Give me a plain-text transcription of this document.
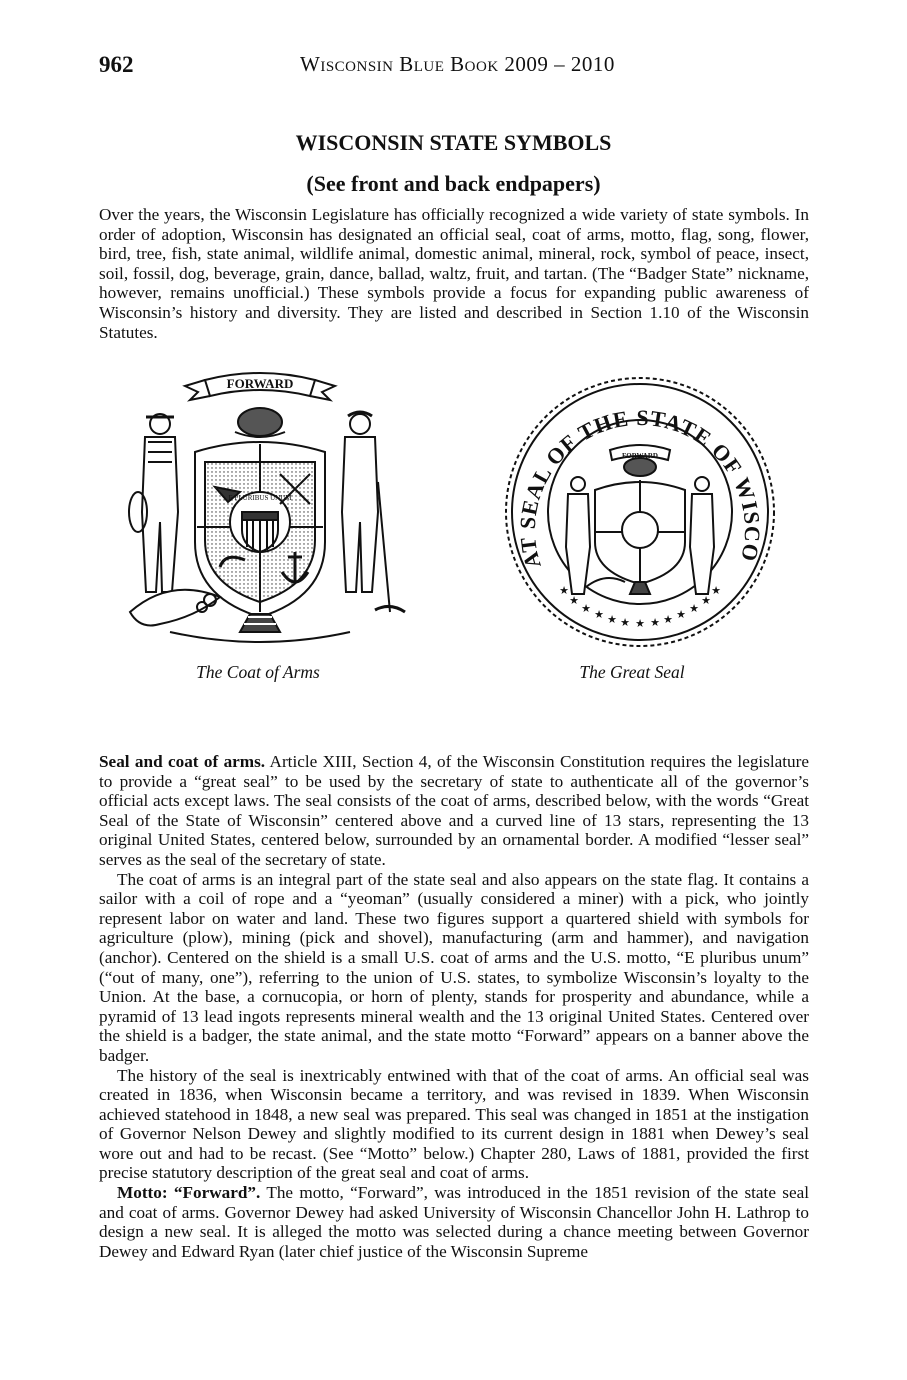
962	Wisconsin Blue Book 2009 – 2010
WISCONSIN STATE SYMBOLS
(See front and back endpapers)

Over the years, the Wisconsin Legislature has officially recognized a wide variety of state symbols. In order of adoption, Wisconsin has designated an official seal, coat of arms, motto, flag, song, flower, bird, tree, fish, state animal, wildlife animal, domestic animal, mineral, rock, symbol of peace, insect, soil, fossil, dog, beverage, grain, dance, ballad, waltz, fruit, and tartan. (The “Badger State” nickname, however, remains unofficial.) These symbols provide a focus for expanding public awareness of Wisconsin’s history and diversity. They are listed and described in Section 1.10 of the Wisconsin Statutes.

FORWARD
E PLURIBUS UNUM
★ ★ ★ ★ ★ ★ ★ ★ ★
★	★
★	★
AT SEAL OF THE STATE OF WISCO
FORWARD
The Coat of Arms	The Great Seal

Seal and coat of arms. Article XIII, Section 4, of the Wisconsin Constitution requires the legislature to provide a “great seal” to be used by the secretary of state to authenticate all of the governor’s official acts except laws. The seal consists of the coat of arms, described below, with the words “Great Seal of the State of Wisconsin” centered above and a curved line of 13 stars, representing the 13 original United States, centered below, surrounded by an ornamental border. A modified “lesser seal” serves as the seal of the secretary of state.

The coat of arms is an integral part of the state seal and also appears on the state flag. It contains a sailor with a coil of rope and a “yeoman” (usually considered a miner) with a pick, who jointly represent labor on water and land. These two figures support a quartered shield with symbols for agriculture (plow), mining (pick and shovel), manufacturing (arm and hammer), and navigation (anchor). Centered on the shield is a small U.S. coat of arms and the U.S. motto, “E pluribus unum” (“out of many, one”), referring to the union of U.S. states, to symbolize Wisconsin’s loyalty to the Union. At the base, a cornucopia, or horn of plenty, stands for prosperity and abundance, while a pyramid of 13 lead ingots represents mineral wealth and the 13 original United States. Centered over the shield is a badger, the state animal, and the state motto “Forward” appears on a banner above the badger.

The history of the seal is inextricably entwined with that of the coat of arms. An official seal was created in 1836, when Wisconsin became a territory, and was revised in 1839. When Wisconsin achieved statehood in 1848, a new seal was prepared. This seal was changed in 1851 at the instigation of Governor Nelson Dewey and slightly modified to its current design in 1881 when Dewey’s seal wore out and had to be recast. (See “Motto” below.) Chapter 280, Laws of 1881, provided the first precise statutory description of the great seal and coat of arms.

Motto: “Forward”. The motto, “Forward”, was introduced in the 1851 revision of the state seal and coat of arms. Governor Dewey had asked University of Wisconsin Chancellor John H. Lathrop to design a new seal. It is alleged the motto was selected during a chance meeting between Governor Dewey and Edward Ryan (later chief justice of the Wisconsin Supreme
